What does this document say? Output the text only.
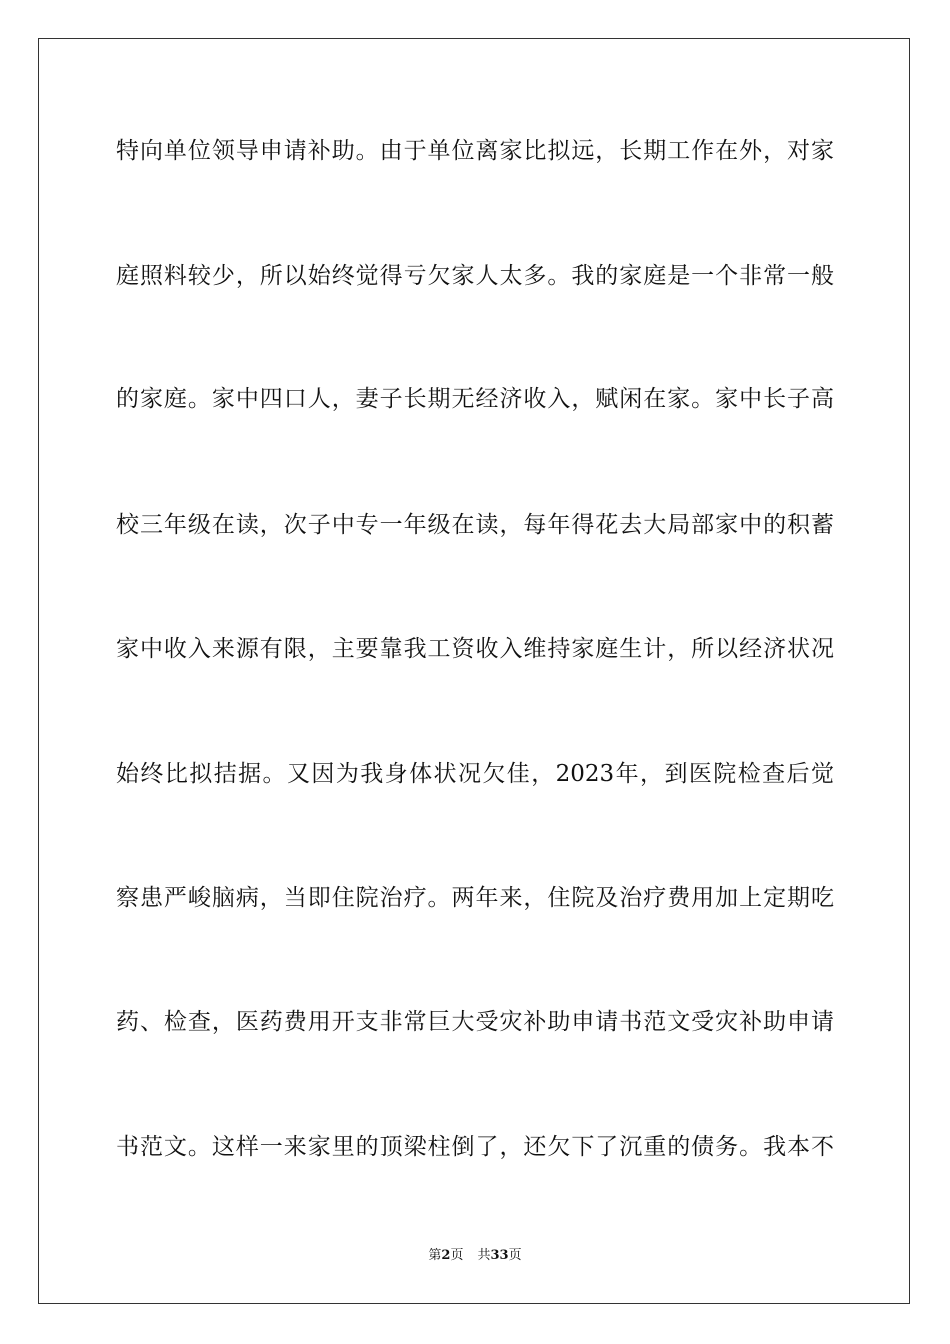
特向单位领导申请补助。由于单位离家比拟远，长期工作在外，对家
庭照料较少，所以始终觉得亏欠家人太多。我的家庭是一个非常一般
的家庭。家中四口人，妻子长期无经济收入，赋闲在家。家中长子高
校三年级在读，次子中专一年级在读，每年得花去大局部家中的积蓄
家中收入来源有限，主要靠我工资收入维持家庭生计，所以经济状况
始终比拟拮据。又因为我身体状况欠佳，2023年，到医院检查后觉
察患严峻脑病，当即住院治疗。两年来，住院及治疗费用加上定期吃
药、检查，医药费用开支非常巨大受灾补助申请书范文受灾补助申请
书范文。这样一来家里的顶梁柱倒了，还欠下了沉重的债务。我本不
第2页 共33页
